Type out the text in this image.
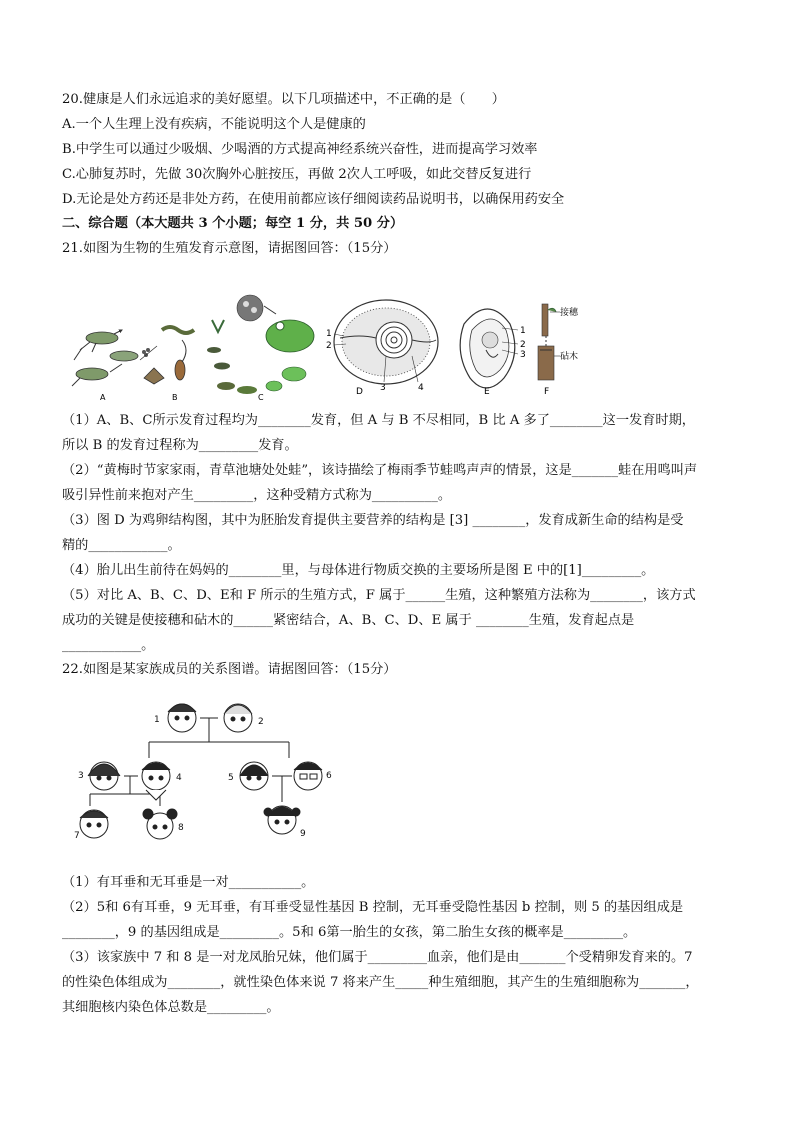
20.健康是人们永远追求的美好愿望。以下几项描述中，不正确的是（　　）
A.一个人生理上没有疾病，不能说明这个人是健康的
B.中学生可以通过少吸烟、少喝酒的方式提高神经系统兴奋性，进而提高学习效率
C.心肺复苏时，先做 30次胸外心脏按压，再做 2次人工呼吸，如此交替反复进行
D.无论是处方药还是非处方药，在使用前都应该仔细阅读药品说明书，以确保用药安全
二、综合题（本大题共 3 个小题；每空 1 分，共 50 分）
21.如图为生物的生殖发育示意图，请据图回答：（15分）
A	B	C
D	E	F
1
2
3	4
1
2
3
接穗
砧木
（1）A、B、C所示发育过程均为________发育，但 A 与 B 不尽相同，B 比 A 多了________这一发育时期，
所以 B 的发育过程称为_________发育。
（2）“黄梅时节家家雨，青草池塘处处蛙”，该诗描绘了梅雨季节蛙鸣声声的情景，这是_______蛙在用鸣叫声
吸引异性前来抱对产生_________，这种受精方式称为__________。
（3）图 D 为鸡卵结构图，其中为胚胎发育提供主要营养的结构是 [3] ________，发育成新生命的结构是受
精的____________。
（4）胎儿出生前待在妈妈的________里，与母体进行物质交换的主要场所是图 E 中的[1]_________。
（5）对比 A、B、C、D、E和 F 所示的生殖方式，F 属于______生殖，这种繁殖方法称为________，该方式
成功的关键是使接穗和砧木的______紧密结合，A、B、C、D、E 属于 ________生殖，发育起点是
____________。
22.如图是某家族成员的关系图谱。请据图回答：（15分）
1	2
3	4	5	6
7
8
9
（1）有耳垂和无耳垂是一对___________。
（2）5和 6有耳垂，9 无耳垂，有耳垂受显性基因 B 控制，无耳垂受隐性基因 b 控制，则 5 的基因组成是
________，9 的基因组成是_________。5和 6第一胎生的女孩，第二胎生女孩的概率是_________。
（3）该家族中 7 和 8 是一对龙凤胎兄妹，他们属于_________血亲，他们是由_______个受精卵发育来的。7
的性染色体组成为________，就性染色体来说 7 将来产生_____种生殖细胞，其产生的生殖细胞称为_______，
其细胞核内染色体总数是_________。
